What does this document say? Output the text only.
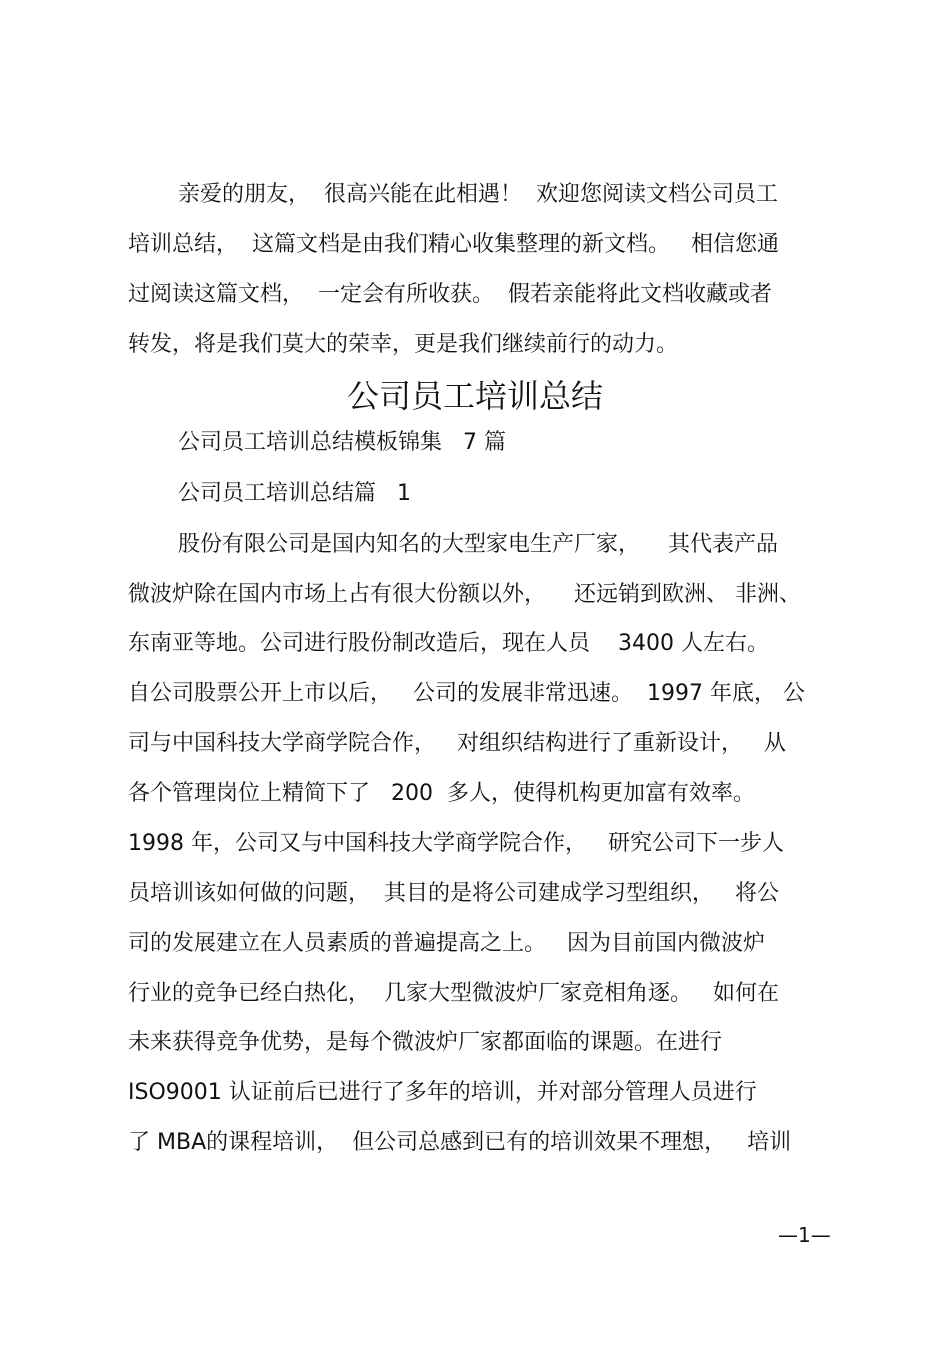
亲爱的朋友，  很高兴能在此相遇！  欢迎您阅读文档公司员工
培训总结，  这篇文档是由我们精心收集整理的新文档。   相信您通
过阅读这篇文档，  一定会有所收获。  假若亲能将此文档收藏或者
转发，将是我们莫大的荣幸，更是我们继续前行的动力。
公司员工培训总结
公司员工培训总结模板锦集   7 篇
公司员工培训总结篇   1
股份有限公司是国内知名的大型家电生产厂家，    其代表产品
微波炉除在国内市场上占有很大份额以外，    还远销到欧洲、 非洲、
东南亚等地。公司进行股份制改造后，现在人员    3400 人左右。
自公司股票公开上市以后，   公司的发展非常迅速。  1997 年底， 公
司与中国科技大学商学院合作，   对组织结构进行了重新设计，   从
各个管理岗位上精简下了   200  多人，使得机构更加富有效率。
1998 年，公司又与中国科技大学商学院合作，   研究公司下一步人
员培训该如何做的问题，  其目的是将公司建成学习型组织，   将公
司的发展建立在人员素质的普遍提高之上。   因为目前国内微波炉
行业的竞争已经白热化，  几家大型微波炉厂家竞相角逐。   如何在
未来获得竞争优势，是每个微波炉厂家都面临的课题。在进行
ISO9001 认证前后已进行了多年的培训，并对部分管理人员进行
了 MBA的课程培训，  但公司总感到已有的培训效果不理想，   培训
—1—
